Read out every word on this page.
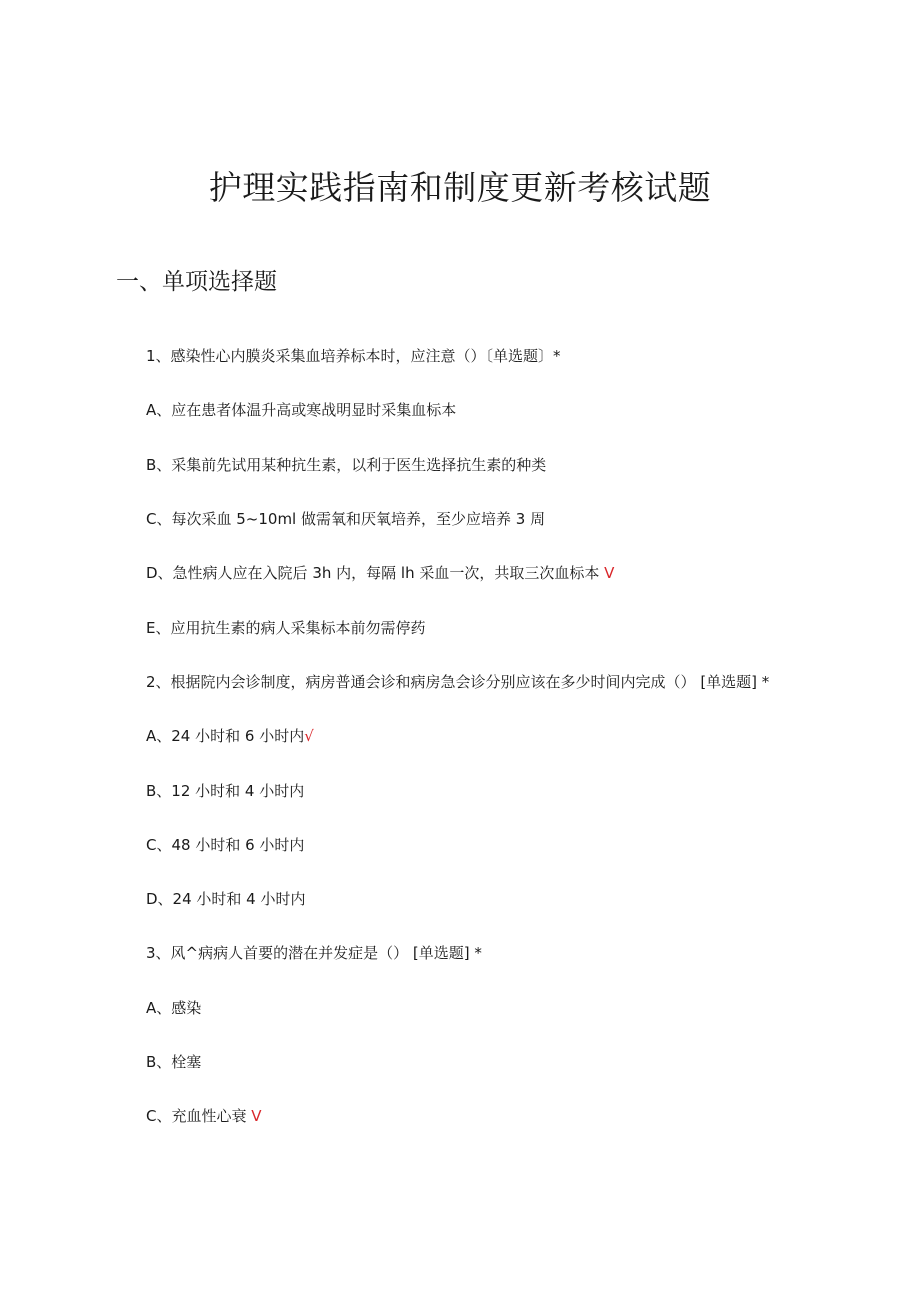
护理实践指南和制度更新考核试题
一、单项选择题
1、感染性心内膜炎采集血培养标本时，应注意（）〔单选题〕*
A、应在患者体温升高或寒战明显时采集血标本
B、采集前先试用某种抗生素，以利于医生选择抗生素的种类
C、每次采血 5~10ml 做需氧和厌氧培养，至少应培养 3 周
D、急性病人应在入院后 3h 内，每隔 lh 采血一次，共取三次血标本 V
E、应用抗生素的病人采集标本前勿需停药
2、根据院内会诊制度，病房普通会诊和病房急会诊分别应该在多少时间内完成（） [单选题] *
A、24 小时和 6 小时内√
B、12 小时和 4 小时内
C、48 小时和 6 小时内
D、24 小时和 4 小时内
3、风^病病人首要的潜在并发症是（） [单选题] *
A、感染
B、栓塞
C、充血性心衰 V
